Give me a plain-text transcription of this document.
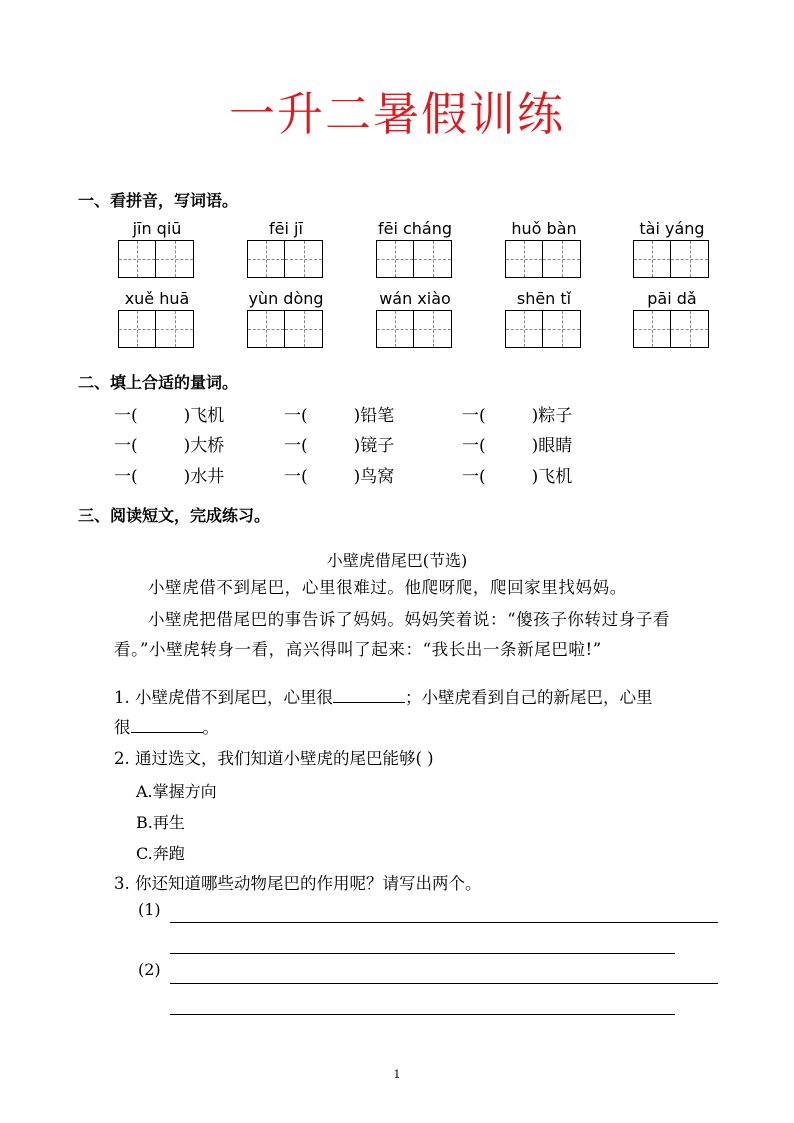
一升二暑假训练
一、看拼音，写词语。
jīn qiū	fēi jī	fēi cháng	huǒ bàn	tài yáng
xuě huā	yùn dòng	wán xiào	shēn tǐ	pāi dǎ
二、填上合适的量词。
一(	)飞机	一(	)铅笔	一(	)粽子
一(	)大桥	一(	)镜子	一(	)眼睛
一(	)水井	一(	)鸟窝	一(	)飞机
三、阅读短文，完成练习。
小壁虎借尾巴(节选)
小壁虎借不到尾巴，心里很难过。他爬呀爬，爬回家里找妈妈。
小壁虎把借尾巴的事告诉了妈妈。妈妈笑着说：“傻孩子你转过身子看看。”小壁虎转身一看，高兴得叫了起来：“我长出一条新尾巴啦!”
1. 小壁虎借不到尾巴，心里很	；小壁虎看到自己的新尾巴，心里
很	。
2. 通过选文，我们知道小壁虎的尾巴能够( )
A.掌握方向
B.再生
C.奔跑
3. 你还知道哪些动物尾巴的作用呢？请写出两个。
(1)
(2)
1
